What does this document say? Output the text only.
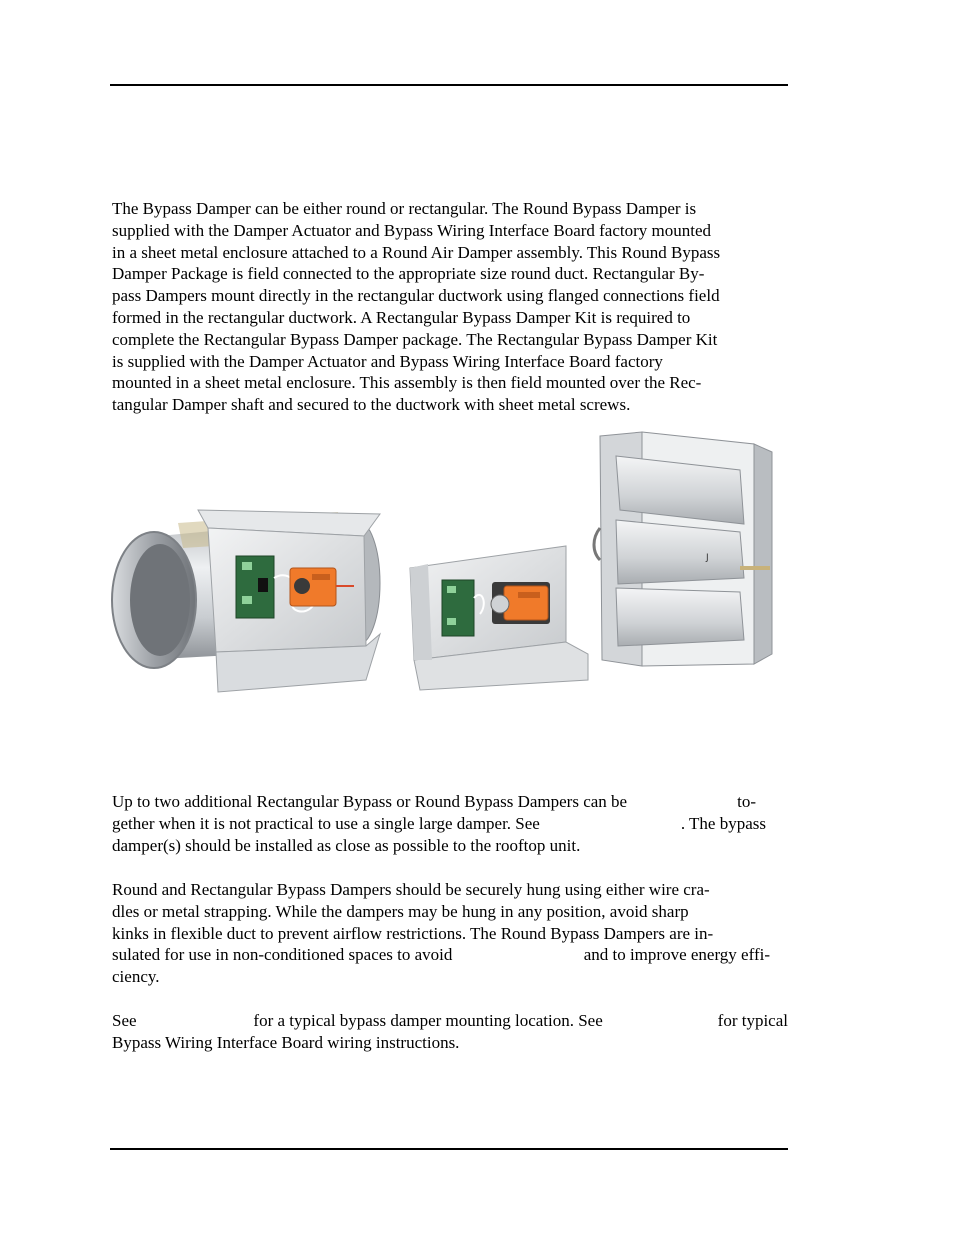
The Bypass Damper can be either round or rectangular. The Round Bypass Damper is
supplied with the Damper Actuator and Bypass Wiring Interface Board factory mounted
in a sheet metal enclosure attached to a Round Air Damper assembly. This Round Bypass
Damper Package is field connected to the appropriate size round duct. Rectangular By-
pass Dampers mount directly in the rectangular ductwork using flanged connections field
formed in the rectangular ductwork. A Rectangular Bypass Damper Kit is required to
complete the Rectangular Bypass Damper package. The Rectangular Bypass Damper Kit
is supplied with the Damper Actuator and Bypass Wiring Interface Board factory
mounted in a sheet metal enclosure. This assembly is then field mounted over the Rec-
tangular Damper shaft and secured to the ductwork with sheet metal screws.
J
Up to two additional Rectangular Bypass or Round Bypass Dampers can be	to-
gether when it is not practical to use a single large damper. See	. The bypass
damper(s) should be installed as close as possible to the rooftop unit.
Round and Rectangular Bypass Dampers should be securely hung using either wire cra-
dles or metal strapping. While the dampers may be hung in any position, avoid sharp
kinks in flexible duct to prevent airflow restrictions. The Round Bypass Dampers are in-
sulated for use in non-conditioned spaces to avoid	and to improve energy effi-
ciency.
See	for a typical bypass damper mounting location. See	for typical
Bypass Wiring Interface Board wiring instructions.
